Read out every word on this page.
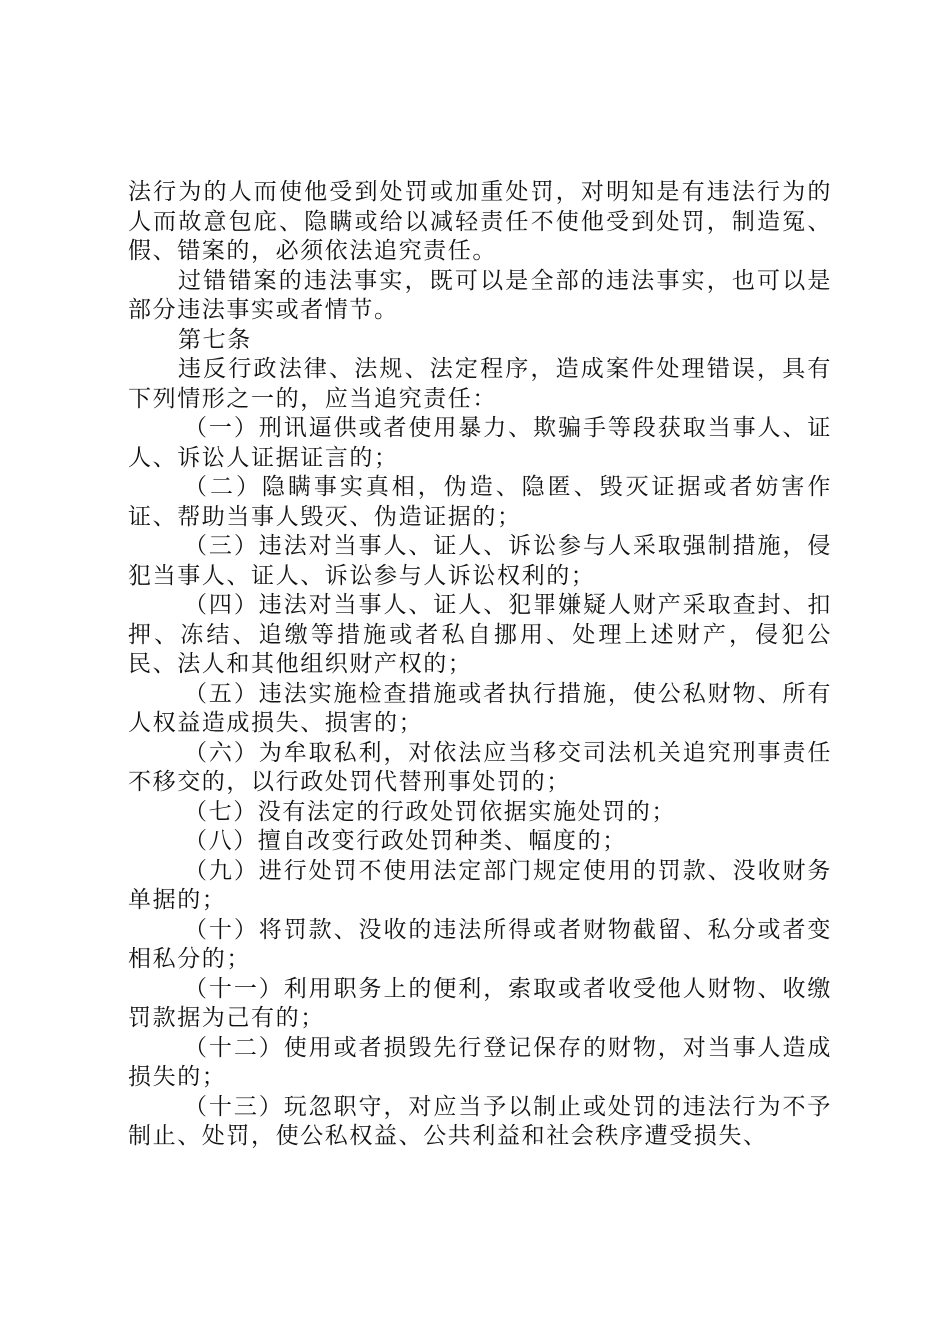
法行为的人而使他受到处罚或加重处罚，对明知是有违法行为的人而故意包庇、隐瞒或给以减轻责任不使他受到处罚，制造冤、假、错案的，必须依法追究责任。

过错错案的违法事实，既可以是全部的违法事实，也可以是部分违法事实或者情节。

第七条

违反行政法律、法规、法定程序，造成案件处理错误，具有下列情形之一的，应当追究责任：

（一）刑讯逼供或者使用暴力、欺骗手等段获取当事人、证人、诉讼人证据证言的；

（二）隐瞒事实真相，伪造、隐匿、毁灭证据或者妨害作证、帮助当事人毁灭、伪造证据的；

（三）违法对当事人、证人、诉讼参与人采取强制措施，侵犯当事人、证人、诉讼参与人诉讼权利的；

（四）违法对当事人、证人、犯罪嫌疑人财产采取查封、扣押、冻结、追缴等措施或者私自挪用、处理上述财产，侵犯公民、法人和其他组织财产权的；

（五）违法实施检查措施或者执行措施，使公私财物、所有人权益造成损失、损害的；

（六）为牟取私利，对依法应当移交司法机关追究刑事责任不移交的，以行政处罚代替刑事处罚的；

（七）没有法定的行政处罚依据实施处罚的；

（八）擅自改变行政处罚种类、幅度的；

（九）进行处罚不使用法定部门规定使用的罚款、没收财务单据的；

（十）将罚款、没收的违法所得或者财物截留、私分或者变相私分的；

（十一）利用职务上的便利，索取或者收受他人财物、收缴罚款据为己有的；

（十二）使用或者损毁先行登记保存的财物，对当事人造成损失的；

（十三）玩忽职守，对应当予以制止或处罚的违法行为不予制止、处罚，使公私权益、公共利益和社会秩序遭受损失、
